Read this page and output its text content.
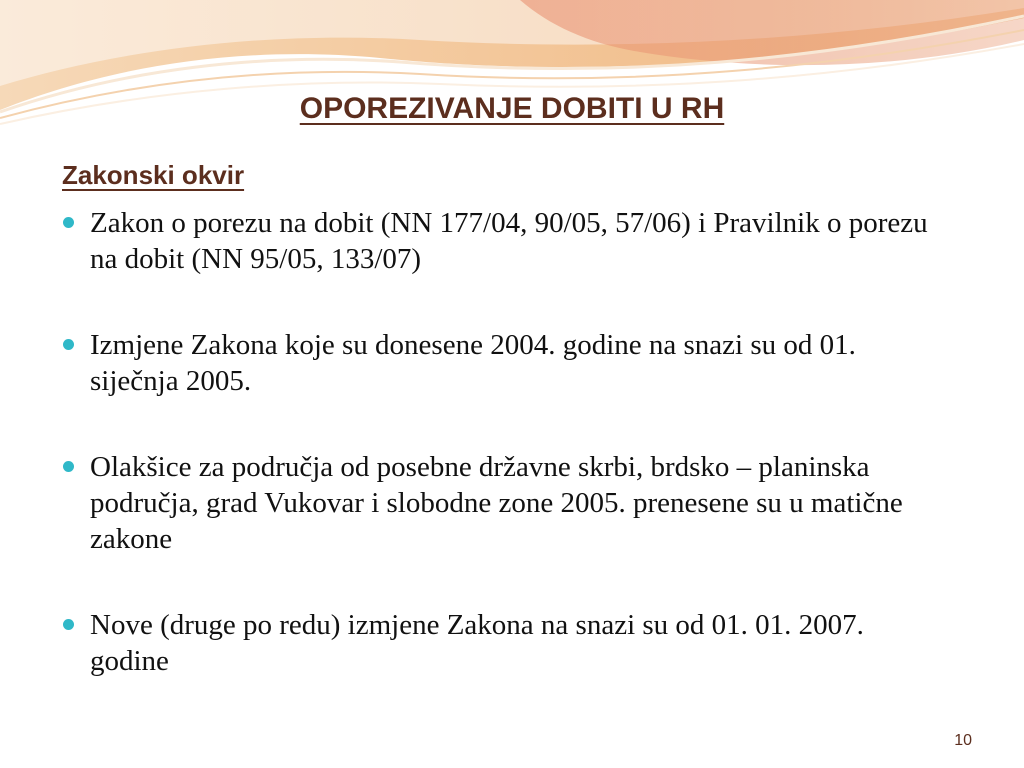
OPOREZIVANJE DOBITI U RH
Zakonski okvir
Zakon o porezu na dobit (NN 177/04, 90/05, 57/06) i Pravilnik o porezu na dobit (NN 95/05, 133/07)
Izmjene Zakona koje su donesene 2004. godine na snazi su od 01. siječnja 2005.
Olakšice za područja od posebne državne skrbi, brdsko – planinska područja, grad Vukovar i slobodne zone 2005. prenesene su u matične zakone
Nove (druge po redu) izmjene Zakona na snazi su od 01. 01. 2007. godine
10
